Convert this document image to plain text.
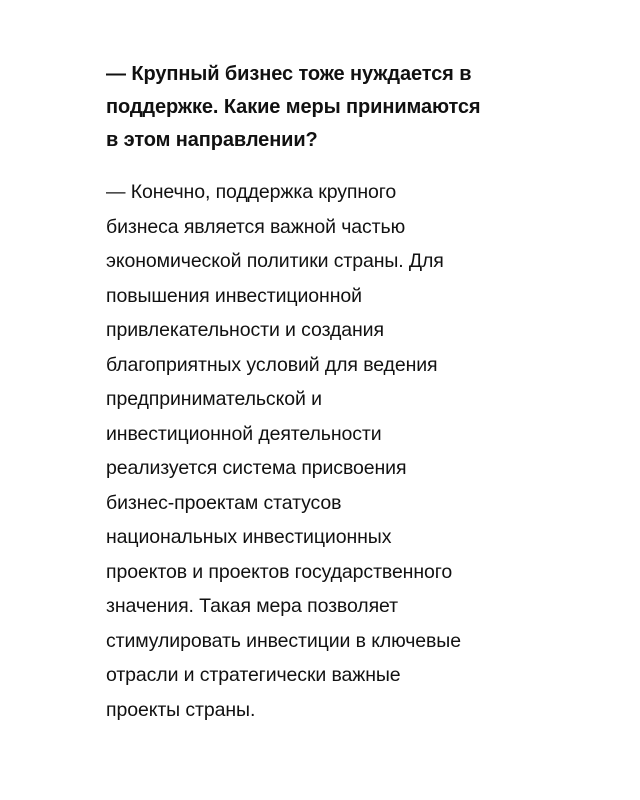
— Крупный бизнес тоже нуждается в
поддержке. Какие меры принимаются
в этом направлении?

— Конечно, поддержка крупного
бизнеса является важной частью
экономической политики страны. Для
повышения инвестиционной
привлекательности и создания
благоприятных условий для ведения
предпринимательской и
инвестиционной деятельности
реализуется система присвоения
бизнес-проектам статусов
национальных инвестиционных
проектов и проектов государственного
значения. Такая мера позволяет
стимулировать инвестиции в ключевые
отрасли и стратегически важные
проекты страны.
